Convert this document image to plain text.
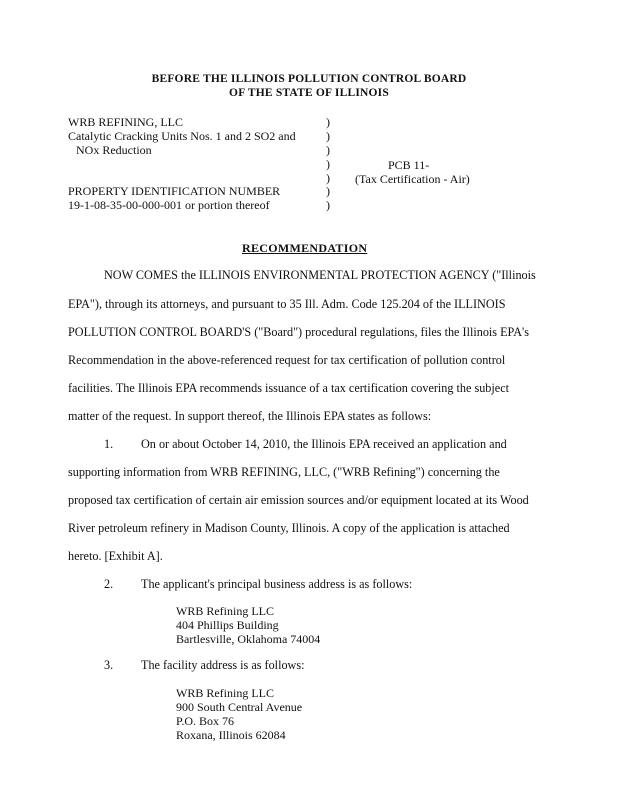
BEFORE THE ILLINOIS POLLUTION CONTROL BOARD
OF THE STATE OF ILLINOIS
WRB REFINING, LLC
Catalytic Cracking Units Nos. 1 and 2 SO2 and
NOx Reduction
PROPERTY IDENTIFICATION NUMBER
19-1-08-35-00-000-001 or portion thereof
)
)
)
)
)
)
)
PCB 11-
(Tax Certification - Air)
RECOMMENDATION
NOW COMES the ILLINOIS ENVIRONMENTAL PROTECTION AGENCY ("Illinois
EPA"), through its attorneys, and pursuant to 35 Ill. Adm. Code 125.204 of the ILLINOIS
POLLUTION CONTROL BOARD'S ("Board") procedural regulations, files the Illinois EPA's
Recommendation in the above-referenced request for tax certification of pollution control
facilities. The Illinois EPA recommends issuance of a tax certification covering the subject
matter of the request. In support thereof, the Illinois EPA states as follows:
1. On or about October 14, 2010, the Illinois EPA received an application and
supporting information from WRB REFINING, LLC, ("WRB Refining") concerning the
proposed tax certification of certain air emission sources and/or equipment located at its Wood
River petroleum refinery in Madison County, Illinois. A copy of the application is attached
hereto. [Exhibit A].
2. The applicant's principal business address is as follows:
WRB Refining LLC
404 Phillips Building
Bartlesville, Oklahoma 74004
3. The facility address is as follows:
WRB Refining LLC
900 South Central Avenue
P.O. Box 76
Roxana, Illinois 62084
